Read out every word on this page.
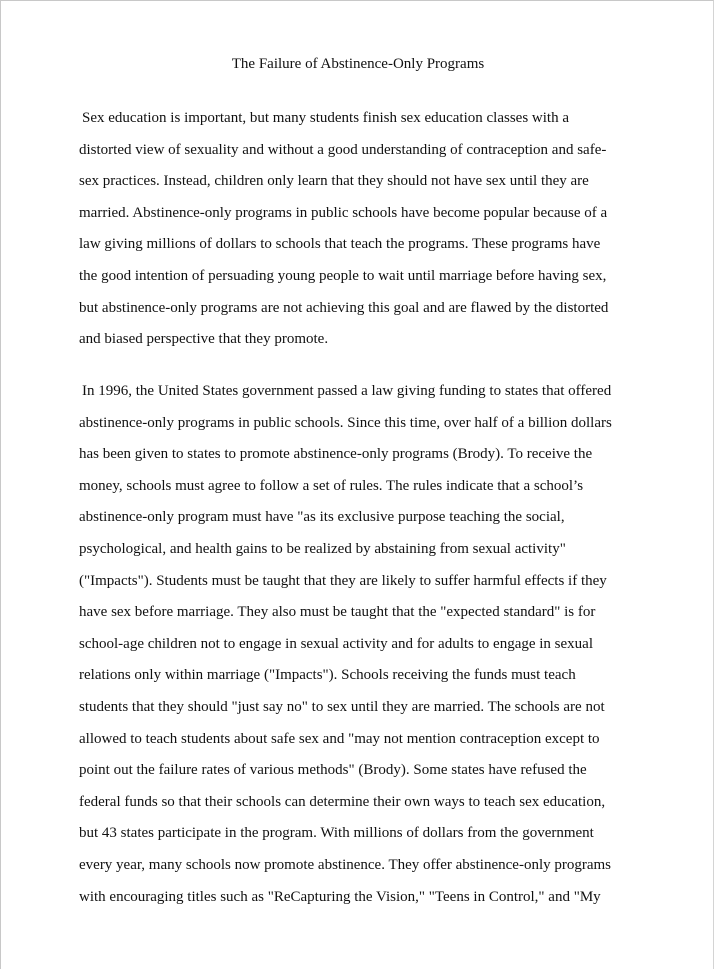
The Failure of Abstinence-Only Programs
Sex education is important, but many students finish sex education classes with a
distorted view of sexuality and without a good understanding of contraception and safe-
sex practices. Instead, children only learn that they should not have sex until they are
married. Abstinence-only programs in public schools have become popular because of a
law giving millions of dollars to schools that teach the programs. These programs have
the good intention of persuading young people to wait until marriage before having sex,
but abstinence-only programs are not achieving this goal and are flawed by the distorted
and biased perspective that they promote.
In 1996, the United States government passed a law giving funding to states that offered
abstinence-only programs in public schools. Since this time, over half of a billion dollars
has been given to states to promote abstinence-only programs (Brody). To receive the
money, schools must agree to follow a set of rules. The rules indicate that a school’s
abstinence-only program must have "as its exclusive purpose teaching the social,
psychological, and health gains to be realized by abstaining from sexual activity"
("Impacts"). Students must be taught that they are likely to suffer harmful effects if they
have sex before marriage. They also must be taught that the "expected standard" is for
school-age children not to engage in sexual activity and for adults to engage in sexual
relations only within marriage ("Impacts"). Schools receiving the funds must teach
students that they should "just say no" to sex until they are married. The schools are not
allowed to teach students about safe sex and "may not mention contraception except to
point out the failure rates of various methods" (Brody). Some states have refused the
federal funds so that their schools can determine their own ways to teach sex education,
but 43 states participate in the program. With millions of dollars from the government
every year, many schools now promote abstinence. They offer abstinence-only programs
with encouraging titles such as "ReCapturing the Vision," "Teens in Control," and "My
